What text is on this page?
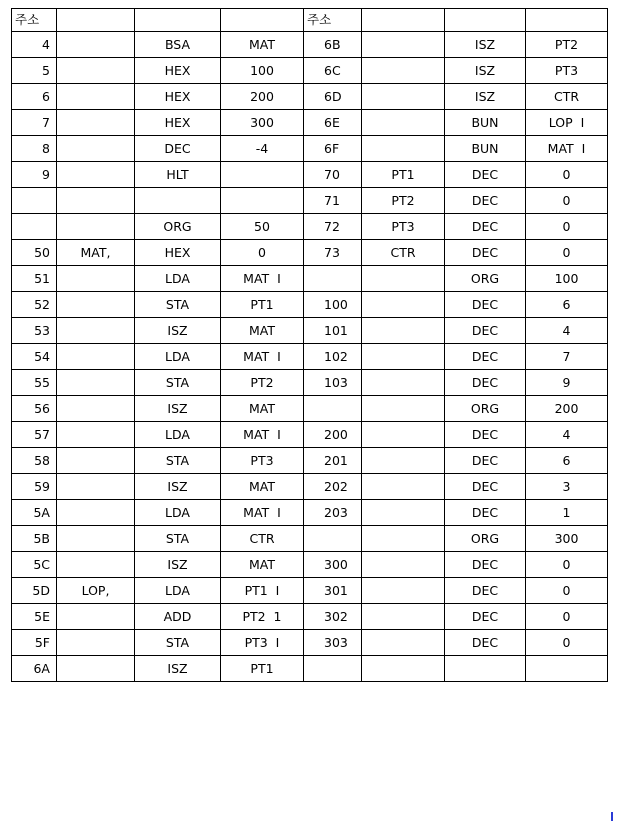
주소				주소			
4		BSA	MAT	6B		ISZ	PT2
5		HEX	100	6C		ISZ	PT3
6		HEX	200	6D		ISZ	CTR
7		HEX	300	6E		BUN	LOP  I
8		DEC	-4	6F		BUN	MAT  I
9		HLT		70	PT1	DEC	0
				71	PT2	DEC	0
		ORG	50	72	PT3	DEC	0
50	MAT,	HEX	0	73	CTR	DEC	0
51		LDA	MAT  I			ORG	100
52		STA	PT1	100		DEC	6
53		ISZ	MAT	101		DEC	4
54		LDA	MAT  I	102		DEC	7
55		STA	PT2	103		DEC	9
56		ISZ	MAT			ORG	200
57		LDA	MAT  I	200		DEC	4
58		STA	PT3	201		DEC	6
59		ISZ	MAT	202		DEC	3
5A		LDA	MAT  I	203		DEC	1
5B		STA	CTR			ORG	300
5C		ISZ	MAT	300		DEC	0
5D	LOP,	LDA	PT1  I	301		DEC	0
5E		ADD	PT2  1	302		DEC	0
5F		STA	PT3  I	303		DEC	0
6A		ISZ	PT1				
